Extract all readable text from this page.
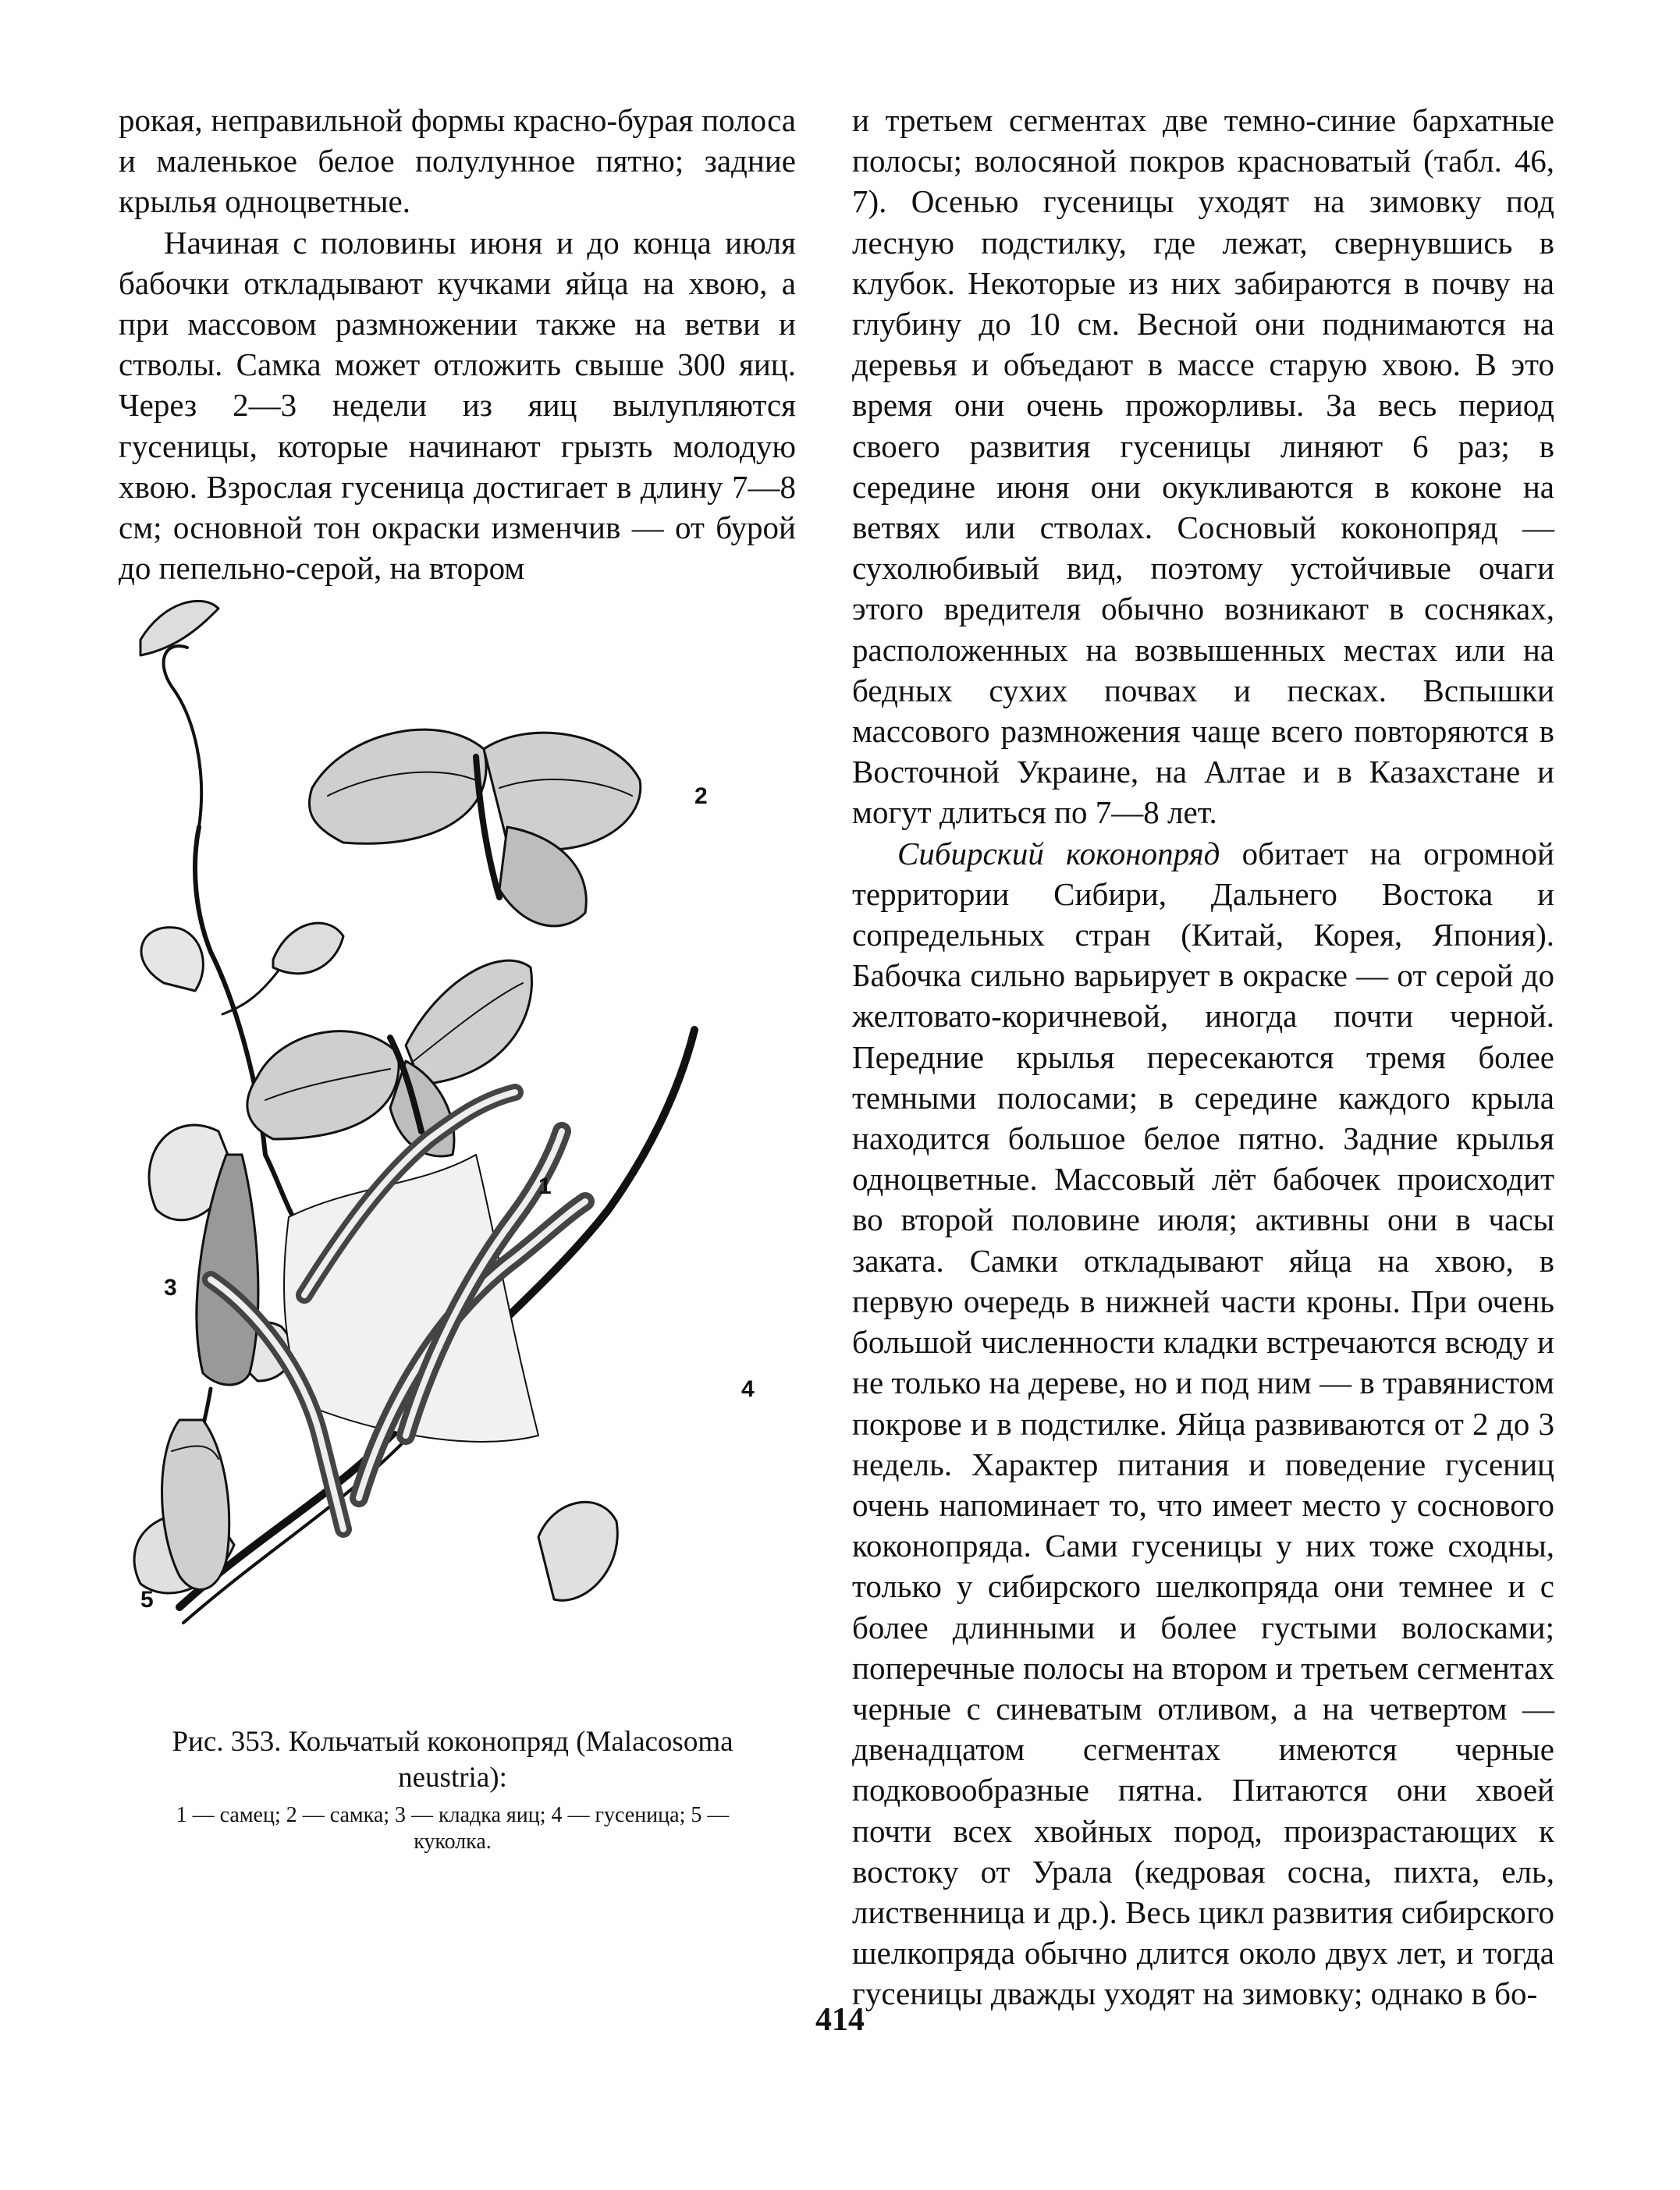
рокая, неправильной формы красно-бурая полоса и маленькое белое полулунное пятно; задние крылья одноцветные.

Начиная с половины июня и до конца июля бабочки откладывают кучками яйца на хвою, а при массовом размножении также на ветви и стволы. Самка может отложить свыше 300 яиц. Через 2—3 недели из яиц вылупляются гусеницы, которые начинают грызть молодую хвою. Взрослая гусеница достигает в длину 7—8 см; основной тон окраски изменчив — от бурой до пепельно-серой, на втором

2
1
3
4
5

Рис. 353. Кольчатый коконопряд (Malacosoma neustria):

1 — самец; 2 — самка; 3 — кладка яиц; 4 — гусеница; 5 — куколка.

и третьем сегментах две темно-синие бархатные полосы; волосяной покров красноватый (табл. 46, 7). Осенью гусеницы уходят на зимовку под лесную подстилку, где лежат, свернувшись в клубок. Некоторые из них забираются в почву на глубину до 10 см. Весной они поднимаются на деревья и объедают в массе старую хвою. В это время они очень прожорливы. За весь период своего развития гусеницы линяют 6 раз; в середине июня они окукливаются в коконе на ветвях или стволах. Сосновый коконопряд — сухолюбивый вид, поэтому устойчивые очаги этого вредителя обычно возникают в сосняках, расположенных на возвышенных местах или на бедных сухих почвах и песках. Вспышки массового размножения чаще всего повторяются в Восточной Украине, на Алтае и в Казахстане и могут длиться по 7—8 лет.

Сибирский коконопряд обитает на огромной территории Сибири, Дальнего Востока и сопредельных стран (Китай, Корея, Япония). Бабочка сильно варьирует в окраске — от серой до желтовато-коричневой, иногда почти черной. Передние крылья пересекаются тремя более темными полосами; в середине каждого крыла находится большое белое пятно. Задние крылья одноцветные. Массовый лёт бабочек происходит во второй половине июля; активны они в часы заката. Самки откладывают яйца на хвою, в первую очередь в нижней части кроны. При очень большой численности кладки встречаются всюду и не только на дереве, но и под ним — в травянистом покрове и в подстилке. Яйца развиваются от 2 до 3 недель. Характер питания и поведение гусениц очень напоминает то, что имеет место у соснового коконопряда. Сами гусеницы у них тоже сходны, только у сибирского шелкопряда они темнее и с более длинными и более густыми волосками; поперечные полосы на втором и третьем сегментах черные с синеватым отливом, а на четвертом — двенадцатом сегментах имеются черные подковообразные пятна. Питаются они хвоей почти всех хвойных пород, произрастающих к востоку от Урала (кедровая сосна, пихта, ель, лиственница и др.). Весь цикл развития сибирского шелкопряда обычно длится около двух лет, и тогда гусеницы дважды уходят на зимовку; однако в бо-

414
